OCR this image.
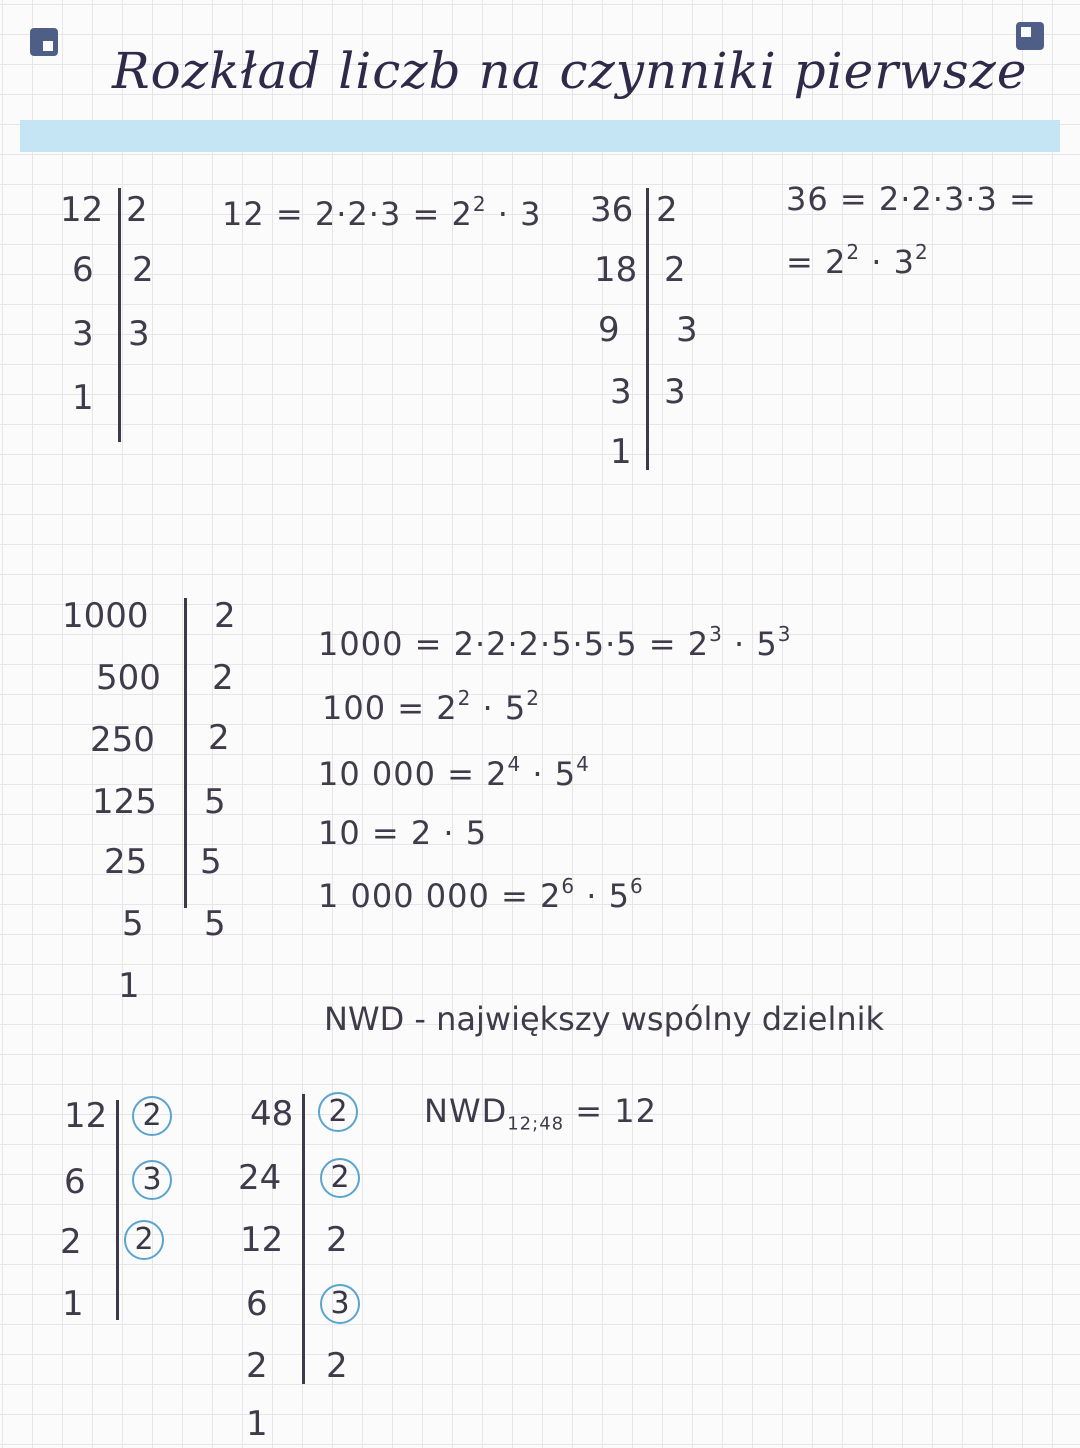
Rozkład liczb na czynniki pierwsze
12
6
3
1
2
2
3
$12 = 2\cdot 2\cdot 3 = 2^2 \cdot 3$ 36
18
9
3
1
2
2
3
3
36 = 2·2·3·3 =
= $2^2 \cdot 3^2$
1000
500
250
125
25
5
1
2
2
2
5
5
5
$1000 = 2\cdot 2\cdot 2\cdot 5\cdot 5\cdot 5 = 2^3 \cdot 5^3$
$100 = 2^2 \cdot 5^2$
10 $000 = 2^4 \cdot 5^4$
10 = 2 · 5
1 000 $000 = 2^6 \cdot 5^6$
NWD - największy wspólny dzielnik
12
6
2
1
2
3
2
48
24
12
6
2
1
2
2
2
3
2
$NWD_{12;48} = 12$
